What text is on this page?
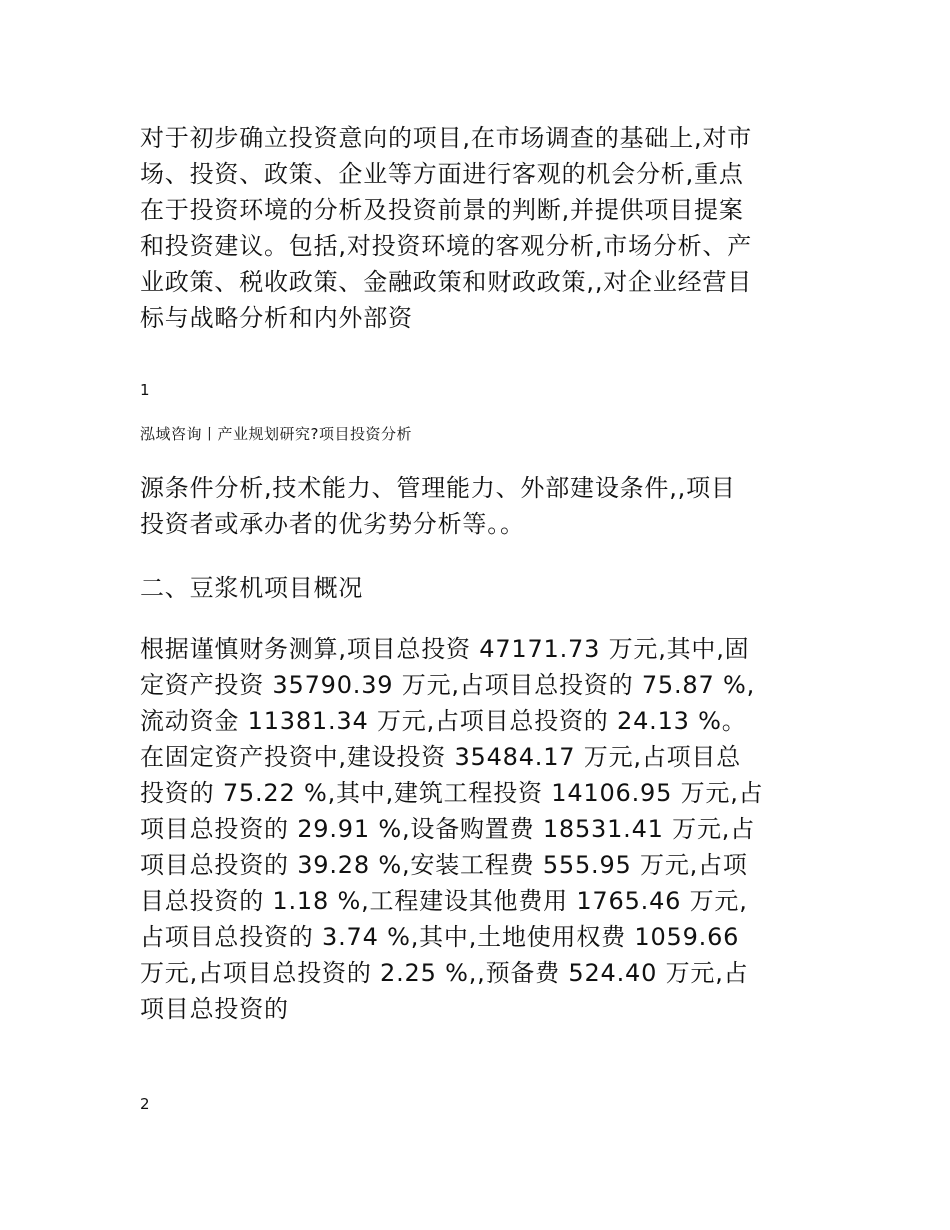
对于初步确立投资意向的项目,在市场调查的基础上,对市
场、投资、政策、企业等方面进行客观的机会分析,重点
在于投资环境的分析及投资前景的判断,并提供项目提案
和投资建议。包括,对投资环境的客观分析,市场分析、产
业政策、税收政策、金融政策和财政政策,,对企业经营目
标与战略分析和内外部资

1

泓域咨询丨产业规划研究?项目投资分析

源条件分析,技术能力、管理能力、外部建设条件,,项目
投资者或承办者的优劣势分析等。。

二、豆浆机项目概况

根据谨慎财务测算,项目总投资 47171.73 万元,其中,固
定资产投资 35790.39 万元,占项目总投资的 75.87 %,
流动资金 11381.34 万元,占项目总投资的 24.13 %。
在固定资产投资中,建设投资 35484.17 万元,占项目总
投资的 75.22 %,其中,建筑工程投资 14106.95 万元,占
项目总投资的 29.91 %,设备购置费 18531.41 万元,占
项目总投资的 39.28 %,安装工程费 555.95 万元,占项
目总投资的 1.18 %,工程建设其他费用 1765.46 万元,
占项目总投资的 3.74 %,其中,土地使用权费 1059.66
万元,占项目总投资的 2.25 %,,预备费 524.40 万元,占
项目总投资的

2
